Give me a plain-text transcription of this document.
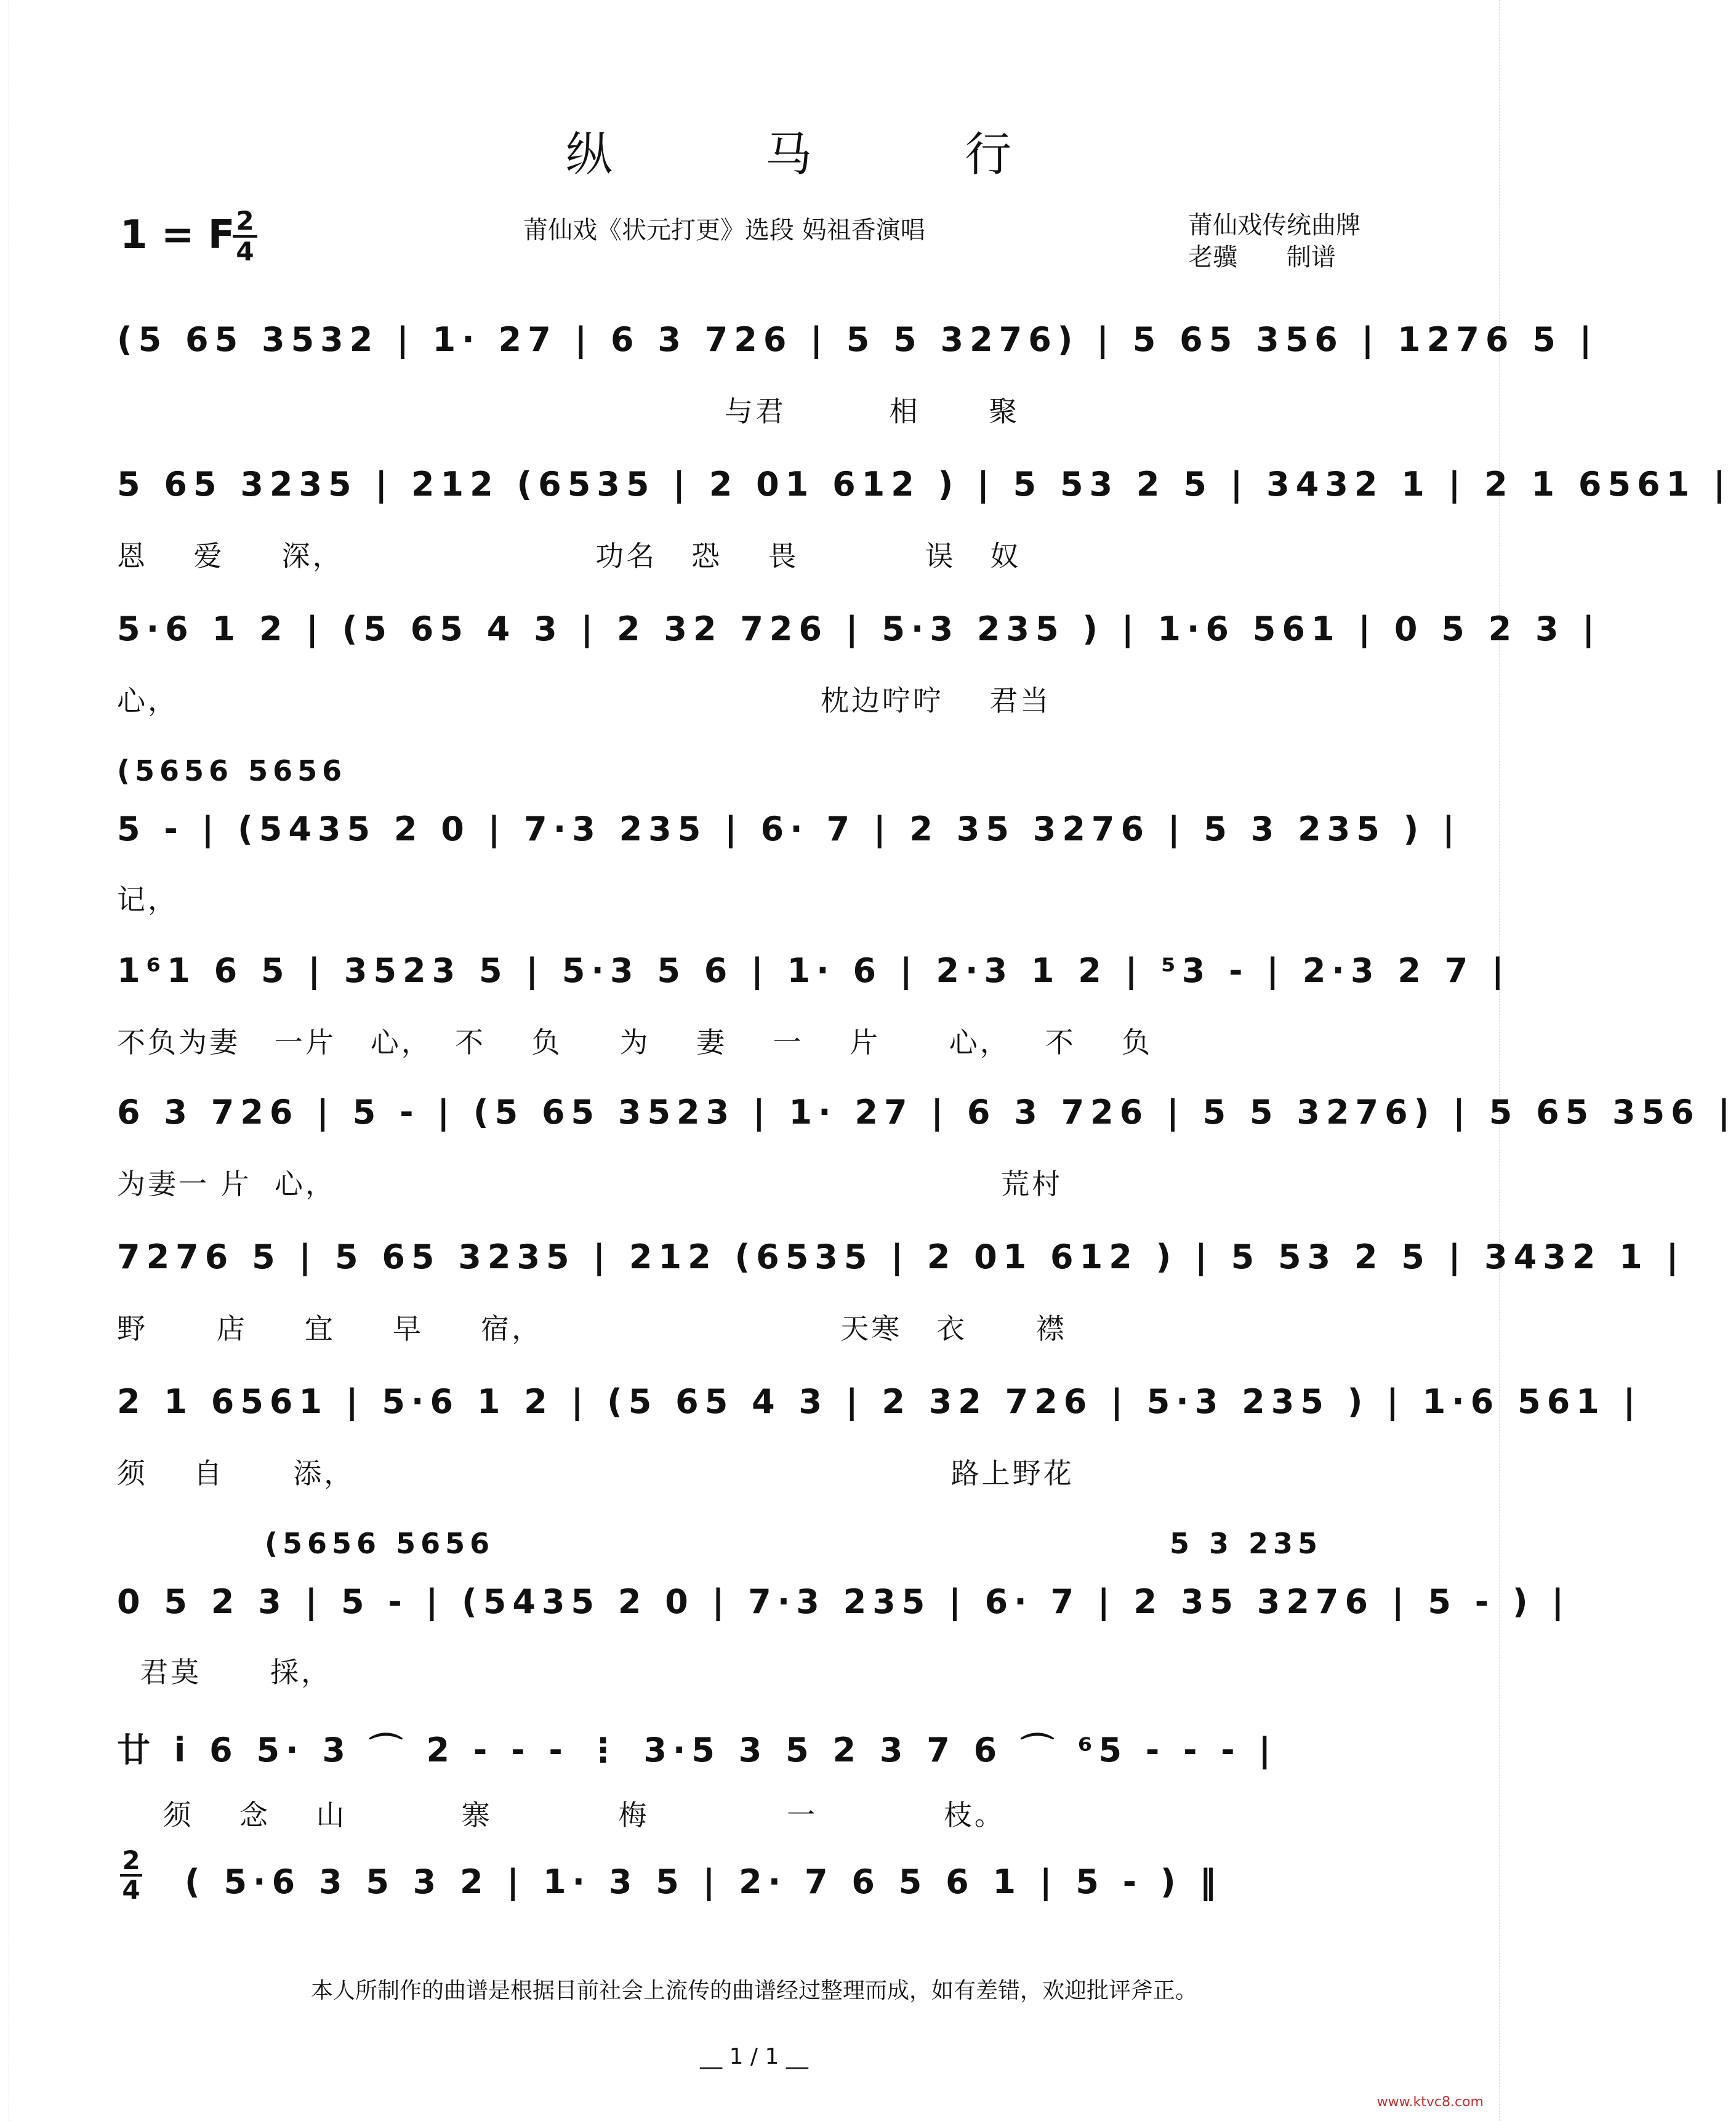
纵 马 行
1 = F 2
4
莆仙戏《状元打更》选段 妈祖香演唱	莆仙戏传统曲牌
老骥　　制谱
(5 65 3532 | 1· 27 | 6 3 726 | 5 5 3276) | 5 65 356 | 1276 5 |
与君         相      聚
5 65 3235 | 212 (6535 | 2 01 612 ) | 5 53 2 5 | 3432 1 | 2 1 6561 |
恩    爱     深，                      功名   恐    畏           误   奴
5·6 1 2 | (5 65 4 3 | 2 32 726 | 5·3 235 ) | 1·6 561 | 0 5 2 3 |
心，                                                        枕边咛咛    君当
(5656 5656
5 - | (5435 2 0 | 7·3 235 | 6· 7 | 2 35 3276 | 5 3 235 ) |
记，
1⁶1 6 5 | 3523 5 | 5·3 5 6 | 1· 6 | 2·3 1 2 | ⁵3 - | 2·3 2 7 |
不负为妻   一片   心，  不    负     为    妻    一    片      心，   不    负
6 3 726 | 5 - | (5 65 3523 | 1· 27 | 6 3 726 | 5 5 3276) | 5 65 356 |
为妻一 片  心，                                                          荒村
7276 5 | 5 65 3235 | 212 (6535 | 2 01 612 ) | 5 53 2 5 | 3432 1 |
野      店     宜     早     宿，                          天寒   衣      襟
2 1 6561 | 5·6 1 2 | (5 65 4 3 | 2 32 726 | 5·3 235 ) | 1·6 561 |
须    自      添，                                                    路上野花
(5656 5656	5 3 235
0 5 2 3 | 5 - | (5435 2 0 | 7·3 235 | 6· 7 | 2 35 3276 | 5 - ) |
君莫      採，
廿 i 6 5· 3 ⌒ 2 - - - ⋮ 3·5 3 5 2 3 7 6 ⌒ ⁶5 - - - |
须    念    山          寨           梅            一           枝。
2
4 ( 5·6 3 5 3 2 | 1· 3 5 | 2· 7 6 5 6 1 | 5 - ) ‖
本人所制作的曲谱是根据目前社会上流传的曲谱经过整理而成，如有差错，欢迎批评斧正。
__ 1 / 1 __
www.ktvc8.com
